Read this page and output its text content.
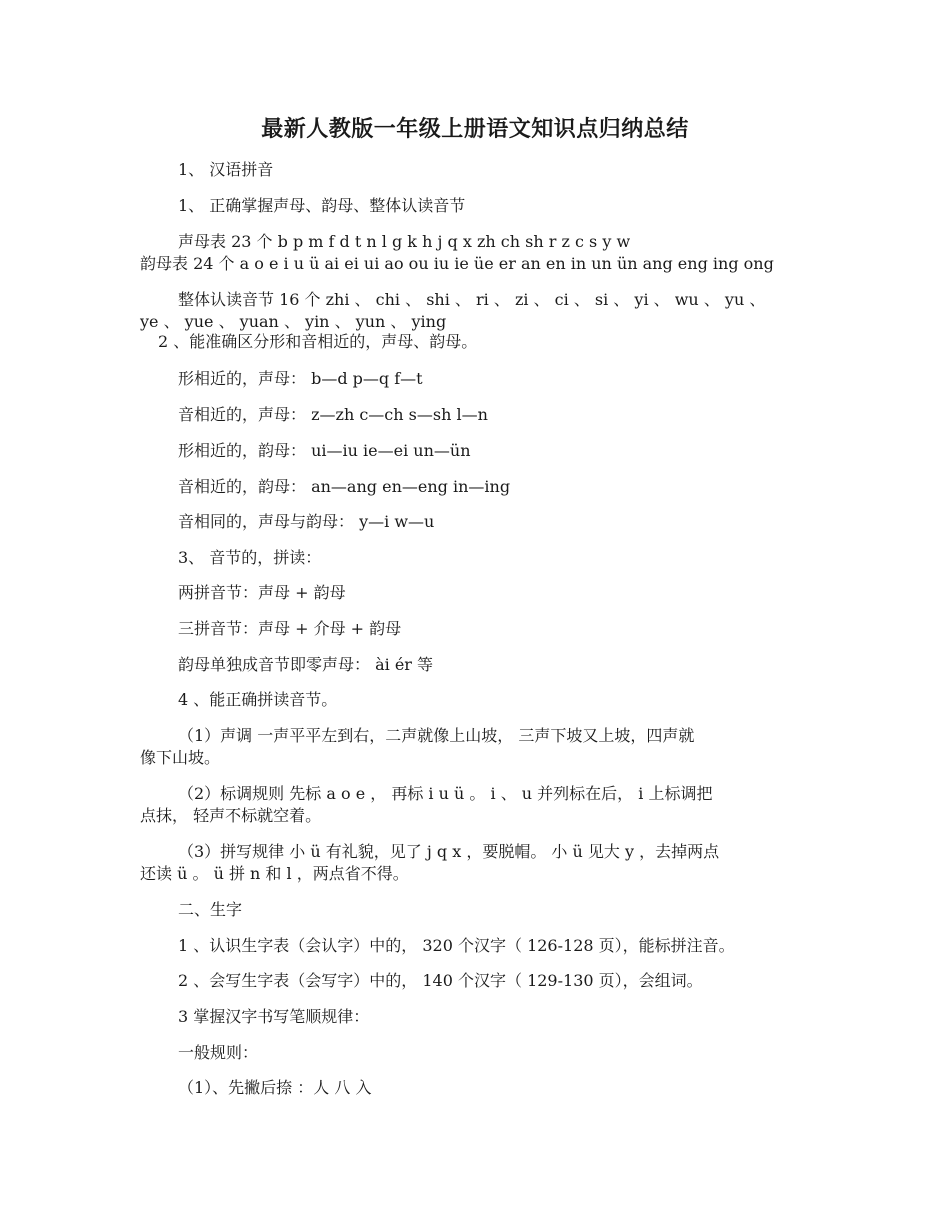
最新人教版一年级上册语文知识点归纳总结
1、 汉语拼音
1、 正确掌握声母、韵母、整体认读音节
声母表 23 个 b p m f d t n l g k h j q x zh ch sh r z c s y w
韵母表 24 个 a o e i u ü ai ei ui ao ou iu ie üe er an en in un ün ang eng ing ong
整体认读音节 16 个 zhi 、 chi 、 shi 、 ri 、 zi 、 ci 、 si 、 yi 、 wu 、 yu 、
ye 、 yue 、 yuan 、 yin 、 yun 、 ying
2 、能准确区分形和音相近的，声母、韵母。
形相近的，声母： b—d p—q f—t
音相近的，声母： z—zh c—ch s—sh l—n
形相近的，韵母： ui—iu ie—ei un—ün
音相近的，韵母： an—ang en—eng in—ing
音相同的，声母与韵母： y—i w—u
3、 音节的，拼读：
两拼音节：声母 + 韵母
三拼音节：声母 + 介母 + 韵母
韵母单独成音节即零声母： ài ér 等
4 、能正确拼读音节。
（1）声调 一声平平左到右，二声就像上山坡， 三声下坡又上坡，四声就
像下山坡。
（2）标调规则 先标 a o e ， 再标 i u ü 。 i 、 u 并列标在后， i 上标调把
点抹， 轻声不标就空着。
（3）拼写规律 小 ü 有礼貌，见了 j q x ，要脱帽。 小 ü 见大 y ，去掉两点
还读 ü 。 ü 拼 n 和 l ，两点省不得。
二、生字
1 、认识生字表（会认字）中的， 320 个汉字（ 126-128 页），能标拼注音。
2 、会写生字表（会写字）中的， 140 个汉字（ 129-130 页），会组词。
3 掌握汉字书写笔顺规律：
一般规则：
（1）、先撇后捺 ：人 八 入
